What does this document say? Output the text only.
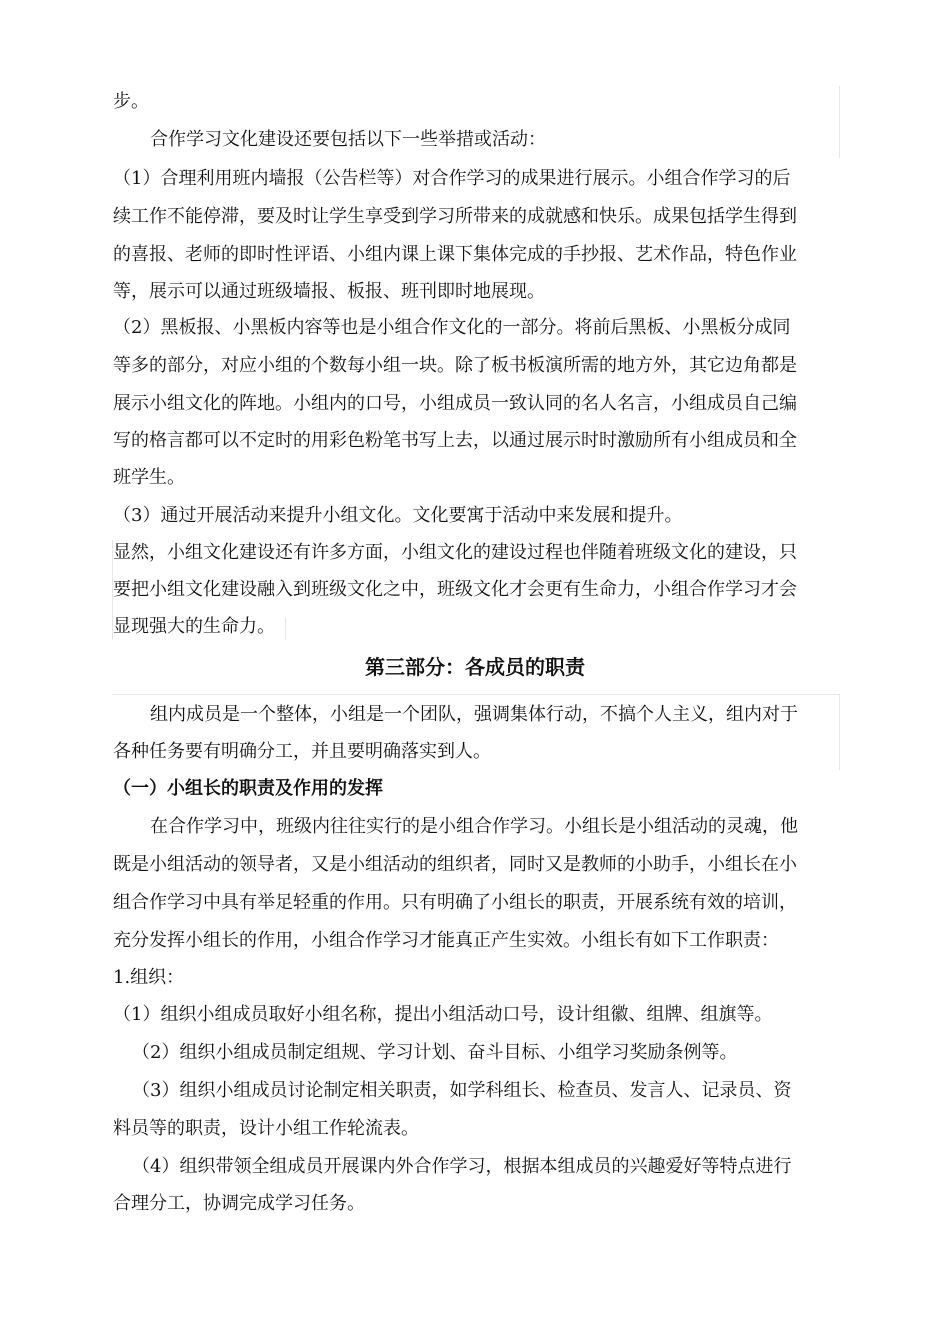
步。
合作学习文化建设还要包括以下一些举措或活动：
（1）合理利用班内墙报（公告栏等）对合作学习的成果进行展示。小组合作学习的后
续工作不能停滞，要及时让学生享受到学习所带来的成就感和快乐。成果包括学生得到
的喜报、老师的即时性评语、小组内课上课下集体完成的手抄报、艺术作品，特色作业
等，展示可以通过班级墙报、板报、班刊即时地展现。
（2）黑板报、小黑板内容等也是小组合作文化的一部分。将前后黑板、小黑板分成同
等多的部分，对应小组的个数每小组一块。除了板书板演所需的地方外，其它边角都是
展示小组文化的阵地。小组内的口号，小组成员一致认同的名人名言，小组成员自己编
写的格言都可以不定时的用彩色粉笔书写上去，以通过展示时时激励所有小组成员和全
班学生。
（3）通过开展活动来提升小组文化。文化要寓于活动中来发展和提升。
显然，小组文化建设还有许多方面，小组文化的建设过程也伴随着班级文化的建设，只
要把小组文化建设融入到班级文化之中，班级文化才会更有生命力，小组合作学习才会
显现强大的生命力。
第三部分：各成员的职责
组内成员是一个整体，小组是一个团队，强调集体行动，不搞个人主义，组内对于
各种任务要有明确分工，并且要明确落实到人。
（一）小组长的职责及作用的发挥
在合作学习中，班级内往往实行的是小组合作学习。小组长是小组活动的灵魂，他
既是小组活动的领导者，又是小组活动的组织者，同时又是教师的小助手，小组长在小
组合作学习中具有举足轻重的作用。只有明确了小组长的职责，开展系统有效的培训，
充分发挥小组长的作用，小组合作学习才能真正产生实效。小组长有如下工作职责：
1.组织：
（1）组织小组成员取好小组名称，提出小组活动口号，设计组徽、组牌、组旗等。
（2）组织小组成员制定组规、学习计划、奋斗目标、小组学习奖励条例等。
（3）组织小组成员讨论制定相关职责，如学科组长、检查员、发言人、记录员、资
料员等的职责，设计小组工作轮流表。
（4）组织带领全组成员开展课内外合作学习，根据本组成员的兴趣爱好等特点进行
合理分工，协调完成学习任务。
